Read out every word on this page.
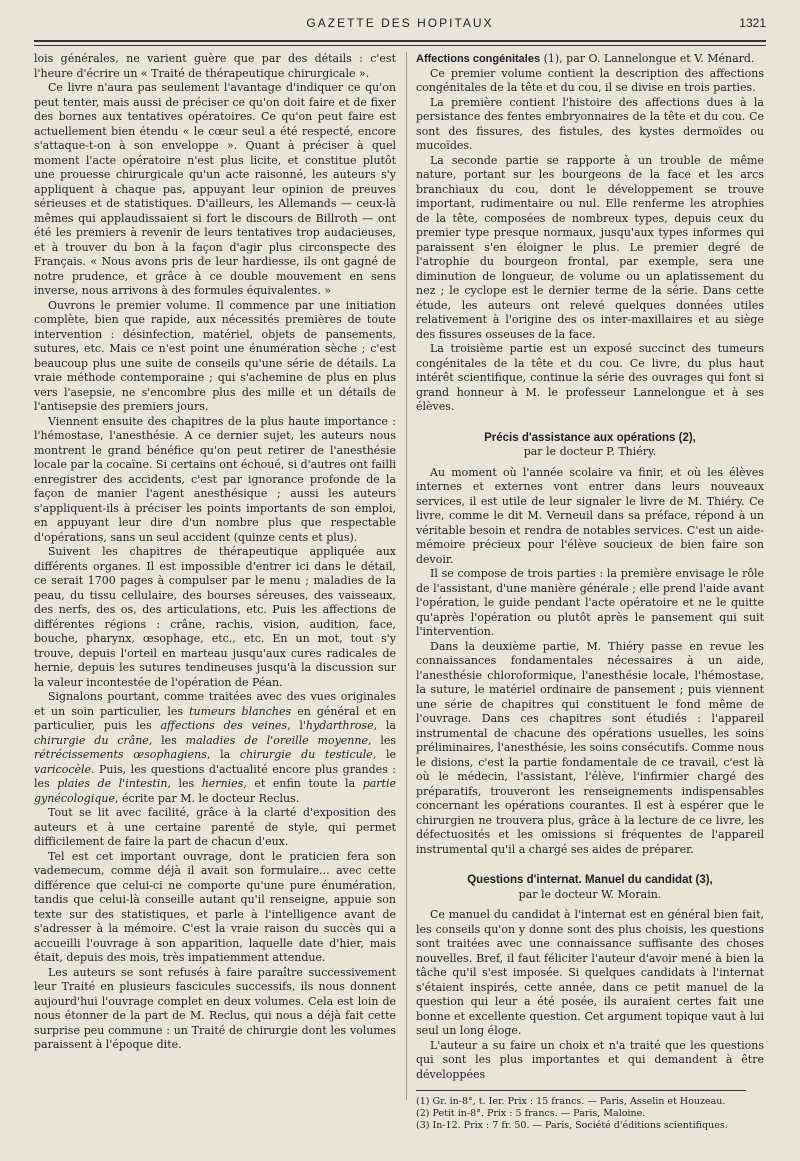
GAZETTE DES HOPITAUX	1321

lois générales, ne varient guère que par des détails : c'est l'heure d'écrire un « Traité de thérapeutique chirurgicale ».

Ce livre n'aura pas seulement l'avantage d'indiquer ce qu'on peut tenter, mais aussi de préciser ce qu'on doit faire et de fixer des bornes aux tentatives opératoires. Ce qu'on peut faire est actuellement bien étendu « le cœur seul a été respecté, encore s'attaque-t-on à son enveloppe ». Quant à préciser à quel moment l'acte opératoire n'est plus licite, et constitue plutôt une prouesse chirurgicale qu'un acte raisonné, les auteurs s'y appliquent à chaque pas, appuyant leur opinion de preuves sérieuses et de statistiques. D'ailleurs, les Allemands — ceux-là mêmes qui applaudissaient si fort le discours de Billroth — ont été les premiers à revenir de leurs tentatives trop audacieuses, et à trouver du bon à la façon d'agir plus circonspecte des Français. « Nous avons pris de leur hardiesse, ils ont gagné de notre prudence, et grâce à ce double mouvement en sens inverse, nous arrivons à des formules équivalentes. »

Ouvrons le premier volume. Il commence par une initiation complète, bien que rapide, aux nécessités premières de toute intervention : désinfection, matériel, objets de pansements, sutures, etc. Mais ce n'est point une énumération sèche ; c'est beaucoup plus une suite de conseils qu'une série de détails. La vraie méthode contemporaine ; qui s'achemine de plus en plus vers l'asepsie, ne s'encombre plus des mille et un détails de l'antisepsie des premiers jours.

Viennent ensuite des chapitres de la plus haute importance : l'hémostase, l'anesthésie. A ce dernier sujet, les auteurs nous montrent le grand bénéfice qu'on peut retirer de l'anesthésie locale par la cocaïne. Si certains ont échoué, si d'autres ont failli enregistrer des accidents, c'est par ignorance profonde de la façon de manier l'agent anesthésique ; aussi les auteurs s'appliquent-ils à préciser les points importants de son emploi, en appuyant leur dire d'un nombre plus que respectable d'opérations, sans un seul accident (quinze cents et plus).

Suivent les chapitres de thérapeutique appliquée aux différents organes. Il est impossible d'entrer ici dans le détail, ce serait 1700 pages à compulser par le menu ; maladies de la peau, du tissu cellulaire, des bourses séreuses, des vaisseaux, des nerfs, des os, des articulations, etc. Puis les affections de différentes régions : crâne, rachis, vision, audition, face, bouche, pharynx, œsophage, etc., etc. En un mot, tout s'y trouve, depuis l'orteil en marteau jusqu'aux cures radicales de hernie, depuis les sutures tendineuses jusqu'à la discussion sur la valeur incontestée de l'opération de Péan.

Signalons pourtant, comme traitées avec des vues originales et un soin particulier, les tumeurs blanches en général et en particulier, puis les affections des veines, l'hydarthrose, la chirurgie du crâne, les maladies de l'oreille moyenne, les rétrécissements œsophagiens, la chirurgie du testicule, le varicocèle. Puis, les questions d'actualité encore plus grandes : les plaies de l'intestin, les hernies, et enfin toute la partie gynécologique, écrite par M. le docteur Reclus.

Tout se lit avec facilité, grâce à la clarté d'exposition des auteurs et à une certaine parenté de style, qui permet difficilement de faire la part de chacun d'eux.

Tel est cet important ouvrage, dont le praticien fera son vademecum, comme déjà il avait son formulaire... avec cette différence que celui-ci ne comporte qu'une pure énumération, tandis que celui-là conseille autant qu'il renseigne, appuie son texte sur des statistiques, et parle à l'intelligence avant de s'adresser à la mémoire. C'est la vraie raison du succès qui a accueilli l'ouvrage à son apparition, laquelle date d'hier, mais était, depuis des mois, très impatiemment attendue.

Les auteurs se sont refusés à faire paraître successivement leur Traité en plusieurs fascicules successifs, ils nous donnent aujourd'hui l'ouvrage complet en deux volumes. Cela est loin de nous étonner de la part de M. Reclus, qui nous a déjà fait cette surprise peu commune : un Traité de chirurgie dont les volumes paraissent à l'époque dite.

Affections congénitales (1), par O. Lannelongue et V. Ménard.

Ce premier volume contient la description des affections congénitales de la tête et du cou, il se divise en trois parties.

La première contient l'histoire des affections dues à la persistance des fentes embryonnaires de la tête et du cou. Ce sont des fissures, des fistules, des kystes dermoïdes ou mucoïdes.

La seconde partie se rapporte à un trouble de même nature, portant sur les bourgeons de la face et les arcs branchiaux du cou, dont le développement se trouve important, rudimentaire ou nul. Elle renferme les atrophies de la tête, composées de nombreux types, depuis ceux du premier type presque normaux, jusqu'aux types informes qui paraissent s'en éloigner le plus. Le premier degré de l'atrophie du bourgeon frontal, par exemple, sera une diminution de longueur, de volume ou un aplatissement du nez ; le cyclope est le dernier terme de la série. Dans cette étude, les auteurs ont relevé quelques données utiles relativement à l'origine des os inter-maxillaires et au siège des fissures osseuses de la face.

La troisième partie est un exposé succinct des tumeurs congénitales de la tête et du cou. Ce livre, du plus haut intérêt scientifique, continue la série des ouvrages qui font si grand honneur à M. le professeur Lannelongue et à ses élèves.

Précis d'assistance aux opérations (2),
par le docteur P. Thiéry.

Au moment où l'année scolaire va finir, et où les élèves internes et externes vont entrer dans leurs nouveaux services, il est utile de leur signaler le livre de M. Thiéry. Ce livre, comme le dit M. Verneuil dans sa préface, répond à un véritable besoin et rendra de notables services. C'est un aide-mémoire précieux pour l'élève soucieux de bien faire son devoir.

Il se compose de trois parties : la première envisage le rôle de l'assistant, d'une manière générale ; elle prend l'aide avant l'opération, le guide pendant l'acte opératoire et ne le quitte qu'après l'opération ou plutôt après le pansement qui suit l'intervention.

Dans la deuxième partie, M. Thiéry passe en revue les connaissances fondamentales nécessaires à un aide, l'anesthésie chloroformique, l'anesthésie locale, l'hémostase, la suture, le matériel ordinaire de pansement ; puis viennent une série de chapitres qui constituent le fond même de l'ouvrage. Dans ces chapitres sont étudiés : l'appareil instrumental de chacune des opérations usuelles, les soins préliminaires, l'anesthésie, les soins consécutifs. Comme nous le disions, c'est la partie fondamentale de ce travail, c'est là où le médecin, l'assistant, l'élève, l'infirmier chargé des préparatifs, trouveront les renseignements indispensables concernant les opérations courantes. Il est à espérer que le chirurgien ne trouvera plus, grâce à la lecture de ce livre, les défectuosités et les omissions si fréquentes de l'appareil instrumental qu'il a chargé ses aides de préparer.

Questions d'internat. Manuel du candidat (3),
par le docteur W. Morain.

Ce manuel du candidat à l'internat est en général bien fait, les conseils qu'on y donne sont des plus choisis, les questions sont traitées avec une connaissance suffisante des choses nouvelles. Bref, il faut féliciter l'auteur d'avoir mené à bien la tâche qu'il s'est imposée. Si quelques candidats à l'internat s'étaient inspirés, cette année, dans ce petit manuel de la question qui leur a été posée, ils auraient certes fait une bonne et excellente question. Cet argument topique vaut à lui seul un long éloge.

L'auteur a su faire un choix et n'a traité que les questions qui sont les plus importantes et qui demandent à être développées

(1) Gr. in-8°, t. Ier. Prix : 15 francs. — Paris, Asselin et Houzeau.
(2) Petit in-8°. Prix : 5 francs. — Paris, Maloine.
(3) In-12. Prix : 7 fr. 50. — Paris, Société d'éditions scientifiques.
